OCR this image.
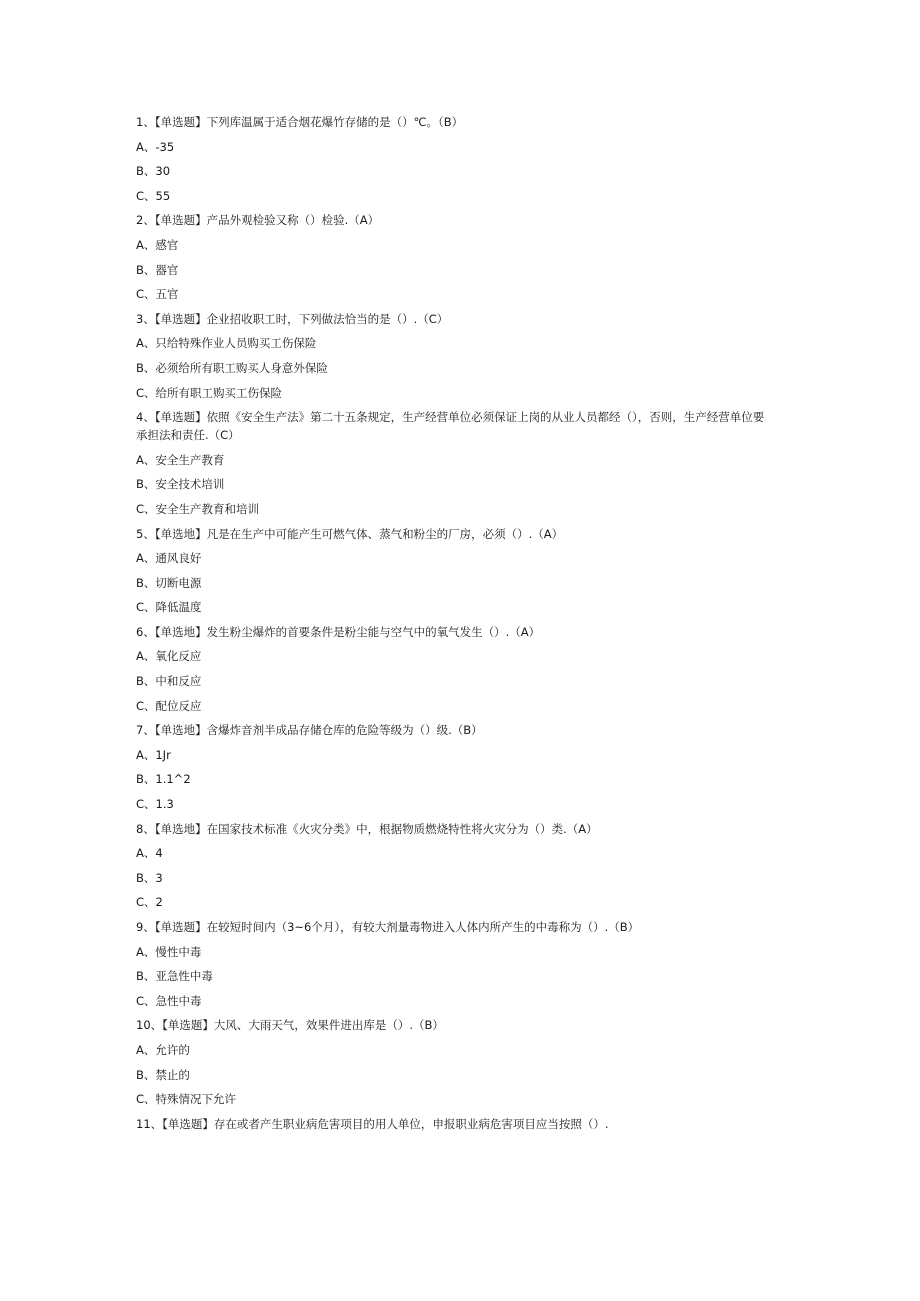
1、【单选题】下列库温属于适合烟花爆竹存储的是（）℃。（B）
A、-35
B、30
C、55
2、【单选题】产品外观检验又称（）检验.（A）
A、感官
B、器官
C、五官
3、【单选题】企业招收职工时，下列做法恰当的是（）.（C）
A、只给特殊作业人员购买工伤保险
B、必须给所有职工购买人身意外保险
C、给所有职工购买工伤保险
4、【单选题】依照《安全生产法》第二十五条规定，生产经营单位必须保证上岗的从业人员都经（），否则，生产经营单位要
承担法和责任.（C）
A、安全生产教育
B、安全技术培训
C、安全生产教育和培训
5、【单选地】凡是在生产中可能产生可燃气体、蒸气和粉尘的厂房，必须（）.（A）
A、通风良好
B、切断电源
C、降低温度
6、【单选地】发生粉尘爆炸的首要条件是粉尘能与空气中的氧气发生（）.（A）
A、氧化反应
B、中和反应
C、配位反应
7、【单选地】含爆炸音剂半成品存储仓库的危险等级为（）级.（B）
A、1Jr
B、1.1^2
C、1.3
8、【单选地】在国家技术标准《火灾分类》中，根据物质燃烧特性将火灾分为（）类.（A）
A、4
B、3
C、2
9、【单选题】在较短时间内（3~6个月），有较大剂量毒物进入人体内所产生的中毒称为（）.（B）
A、慢性中毒
B、亚急性中毒
C、急性中毒
10、【单选题】大风、大雨天气，效果件进出库是（）.（B）
A、允许的
B、禁止的
C、特殊情况下允许
11、【单选题】存在或者产生职业病危害项目的用人单位，申报职业病危害项目应当按照（）.
